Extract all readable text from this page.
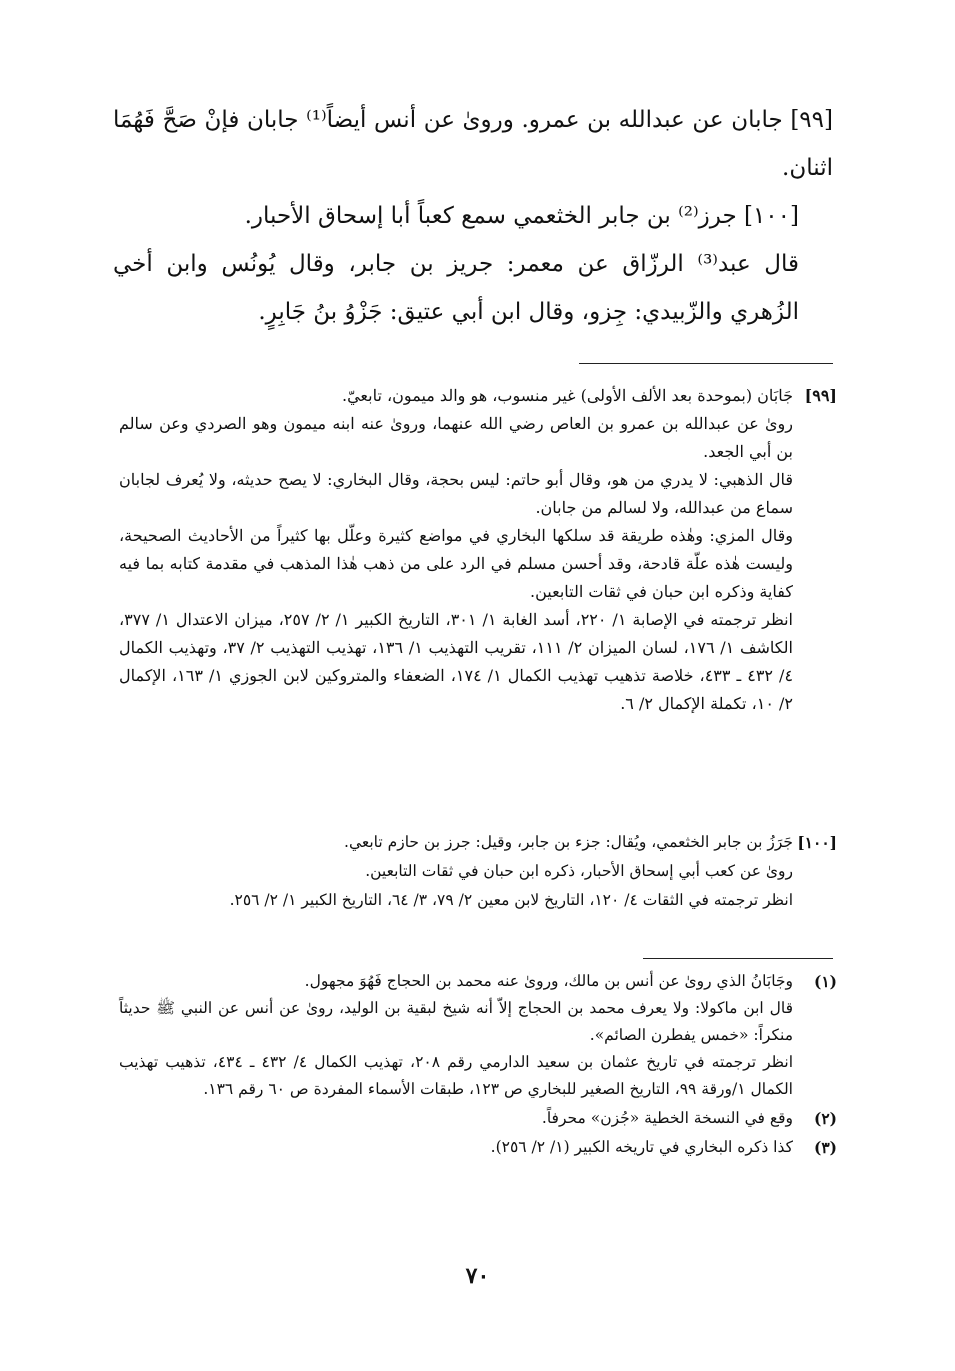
[٩٩] جابان عن عبدالله بن عمرو. وروىٰ عن أنس أيضاً⁽¹⁾ جابان فإنْ صَحَّ فَهُمَا اثنان.

[١٠٠] جرز⁽²⁾ بن جابر الخثعمي سمع كعباً أبا إسحاق الأحبار.

قال عبد⁽³⁾ الرزّاق عن معمر: جريز بن جابر، وقال يُونُس وابن أخي الزُهري والزّبيدي: جِزو، وقال ابن أبي عتيق: جَزْوُ بنُ جَابِرٍ.

[٩٩]

جَابَان (بموحدة بعد الألف الأولى) غير منسوب، هو والد ميمون، تابعيّ.

روىٰ عن عبدالله بن عمرو بن العاص رضي الله عنهما، وروىٰ عنه ابنه ميمون وهو الصردي وعن سالم بن أبي الجعد.

قال الذهبي: لا يدري من هو، وقال أبو حاتم: ليس بحجة، وقال البخاري: لا يصح حديثه، ولا يُعرف لجابان سماع من عبدالله، ولا لسالم من جابان.

وقال المزي: وهٰذه طريقة قد سلكها البخاري في مواضع كثيرة وعلّل بها كثيراً من الأحاديث الصحيحة، وليست هٰذه علّة قادحة، وقد أحسن مسلم في الرد على من ذهب هٰذا المذهب في مقدمة كتابه بما فيه كفاية وذكره ابن حبان في ثقات التابعين.

انظر ترجمته في الإصابة ١/ ٢٢٠، أسد الغابة ١/ ٣٠١، التاريخ الكبير ١/ ٢/ ٢٥٧، ميزان الاعتدال ١/ ٣٧٧، الكاشف ١/ ١٧٦، لسان الميزان ٢/ ١١١، تقريب التهذيب ١/ ١٣٦، تهذيب التهذيب ٢/ ٣٧، وتهذيب الكمال ٤/ ٤٣٢ ـ ٤٣٣، خلاصة تذهيب تهذيب الكمال ١/ ١٧٤، الضعفاء والمتروكين لابن الجوزي ١/ ١٦٣، الإكمال ٢/ ١٠، تكملة الإكمال ٢/ ٦.

[١٠٠]

جَرَزُ بن جابر الخثعمي، ويُقال: جزء بن جابر، وقيل: جرز بن حازم تابعي.

روىٰ عن كعب أبي إسحاق الأحبار، ذكره ابن حبان في ثقات التابعين.

انظر ترجمته في الثقات ٤/ ١٢٠، التاريخ لابن معين ٢/ ٧٩، ٣/ ٦٤، التاريخ الكبير ١/ ٢/ ٢٥٦.

(١)

وجَابَانُ الذي روىٰ عن أنس بن مالك، وروىٰ عنه محمد بن الحجاج فَهُوَ مجهول.

قال ابن ماكولا: ولا يعرف محمد بن الحجاج إلاّ أنه شيخ لبقية بن الوليد، روىٰ عن أنس عن النبي ﷺ حديثاً منكراً: «خمس يفطرن الصائم».

انظر ترجمته في تاريخ عثمان بن سعيد الدارمي رقم ٢٠٨، تهذيب الكمال ٤/ ٤٣٢ ـ ٤٣٤، تذهيب تهذيب الكمال ١/ورقة ٩٩، التاريخ الصغير للبخاري ص ١٢٣، طبقات الأسماء المفردة ص ٦٠ رقم ١٣٦.

(٢)

وقع في النسخة الخطية «جُزن» محرفاً.

(٣)

كذا ذكره البخاري في تاريخه الكبير (١/ ٢/ ٢٥٦).

٧٠
